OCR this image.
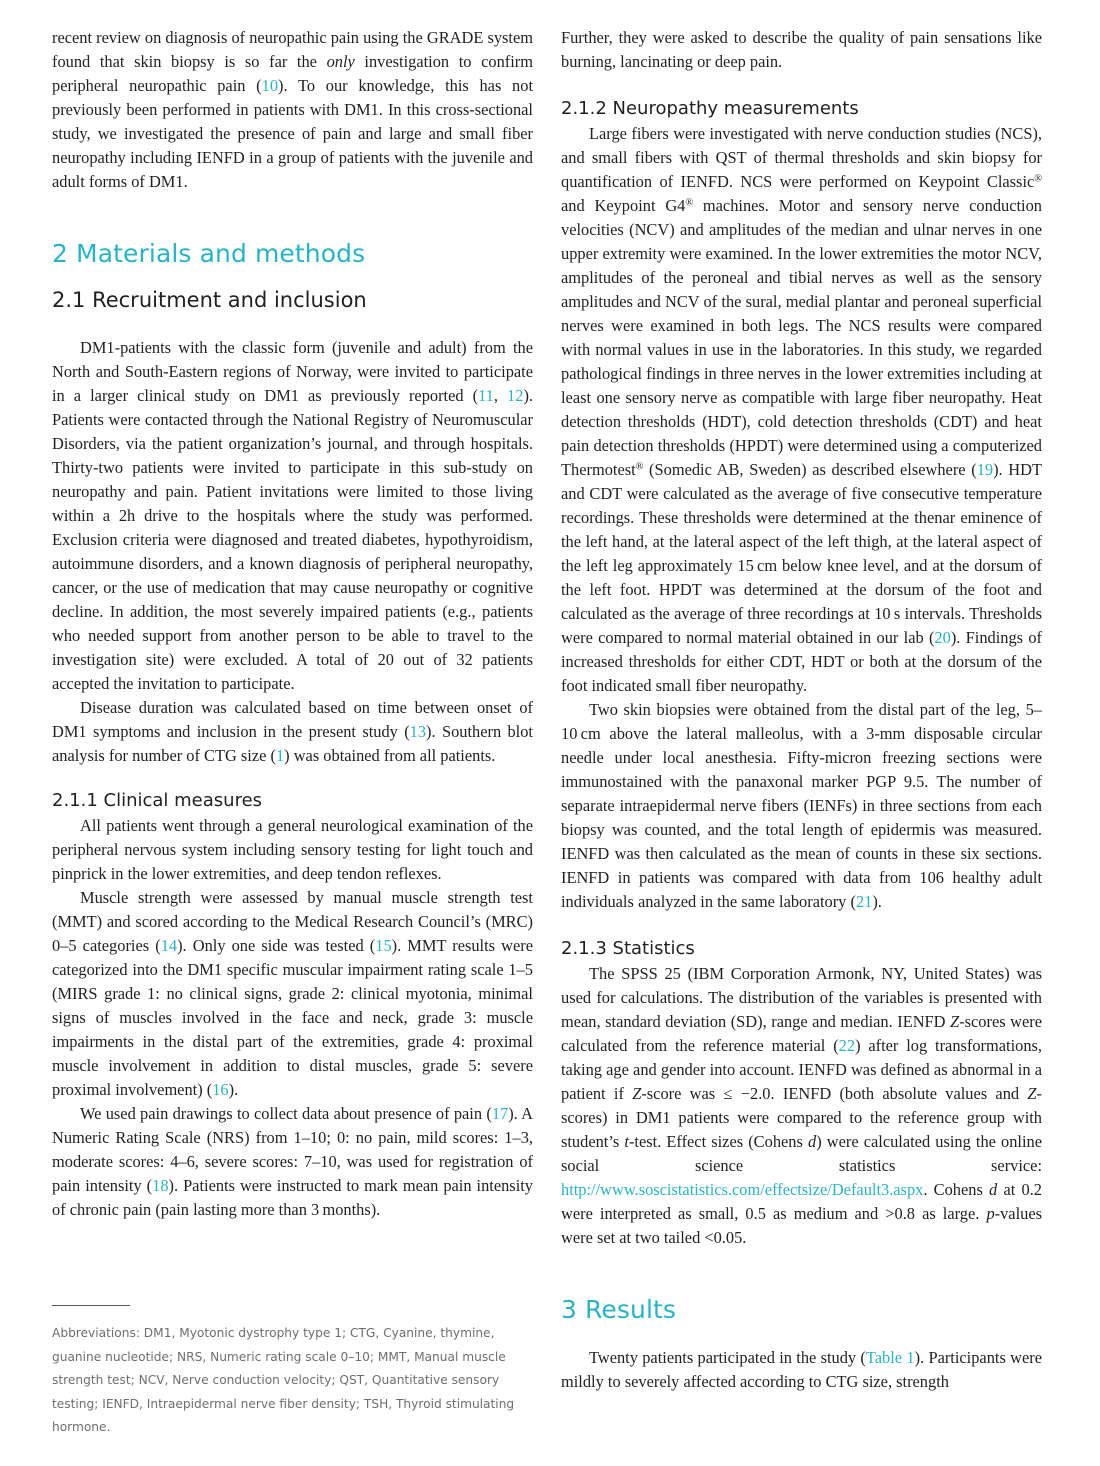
recent review on diagnosis of neuropathic pain using the GRADE system found that skin biopsy is so far the only investigation to confirm peripheral neuropathic pain (10). To our knowledge, this has not previously been performed in patients with DM1. In this cross-sectional study, we investigated the presence of pain and large and small fiber neuropathy including IENFD in a group of patients with the juvenile and adult forms of DM1.

2 Materials and methods
2.1 Recruitment and inclusion

DM1-patients with the classic form (juvenile and adult) from the North and South-Eastern regions of Norway, were invited to participate in a larger clinical study on DM1 as previously reported (11, 12). Patients were contacted through the National Registry of Neuromuscular Disorders, via the patient organization’s journal, and through hospitals. Thirty-two patients were invited to participate in this sub-study on neuropathy and pain. Patient invitations were limited to those living within a 2h drive to the hospitals where the study was performed. Exclusion criteria were diagnosed and treated diabetes, hypothyroidism, autoimmune disorders, and a known diagnosis of peripheral neuropathy, cancer, or the use of medication that may cause neuropathy or cognitive decline. In addition, the most severely impaired patients (e.g., patients who needed support from another person to be able to travel to the investigation site) were excluded. A total of 20 out of 32 patients accepted the invitation to participate.

Disease duration was calculated based on time between onset of DM1 symptoms and inclusion in the present study (13). Southern blot analysis for number of CTG size (1) was obtained from all patients.

2.1.1 Clinical measures

All patients went through a general neurological examination of the peripheral nervous system including sensory testing for light touch and pinprick in the lower extremities, and deep tendon reflexes.

Muscle strength were assessed by manual muscle strength test (MMT) and scored according to the Medical Research Council’s (MRC) 0–5 categories (14). Only one side was tested (15). MMT results were categorized into the DM1 specific muscular impairment rating scale 1–5 (MIRS grade 1: no clinical signs, grade 2: clinical myotonia, minimal signs of muscles involved in the face and neck, grade 3: muscle impairments in the distal part of the extremities, grade 4: proximal muscle involvement in addition to distal muscles, grade 5: severe proximal involvement) (16).

We used pain drawings to collect data about presence of pain (17). A Numeric Rating Scale (NRS) from 1–10; 0: no pain, mild scores: 1–3, moderate scores: 4–6, severe scores: 7–10, was used for registration of pain intensity (18). Patients were instructed to mark mean pain intensity of chronic pain (pain lasting more than 3 months).

Abbreviations: DM1, Myotonic dystrophy type 1; CTG, Cyanine, thymine, guanine nucleotide; NRS, Numeric rating scale 0–10; MMT, Manual muscle strength test; NCV, Nerve conduction velocity; QST, Quantitative sensory testing; IENFD, Intraepidermal nerve fiber density; TSH, Thyroid stimulating hormone.

Further, they were asked to describe the quality of pain sensations like burning, lancinating or deep pain.

2.1.2 Neuropathy measurements

Large fibers were investigated with nerve conduction studies (NCS), and small fibers with QST of thermal thresholds and skin biopsy for quantification of IENFD. NCS were performed on Keypoint Classic® and Keypoint G4® machines. Motor and sensory nerve conduction velocities (NCV) and amplitudes of the median and ulnar nerves in one upper extremity were examined. In the lower extremities the motor NCV, amplitudes of the peroneal and tibial nerves as well as the sensory amplitudes and NCV of the sural, medial plantar and peroneal superficial nerves were examined in both legs. The NCS results were compared with normal values in use in the laboratories. In this study, we regarded pathological findings in three nerves in the lower extremities including at least one sensory nerve as compatible with large fiber neuropathy. Heat detection thresholds (HDT), cold detection thresholds (CDT) and heat pain detection thresholds (HPDT) were determined using a computerized Thermotest® (Somedic AB, Sweden) as described elsewhere (19). HDT and CDT were calculated as the average of five consecutive temperature recordings. These thresholds were determined at the thenar eminence of the left hand, at the lateral aspect of the left thigh, at the lateral aspect of the left leg approximately 15 cm below knee level, and at the dorsum of the left foot. HPDT was determined at the dorsum of the foot and calculated as the average of three recordings at 10 s intervals. Thresholds were compared to normal material obtained in our lab (20). Findings of increased thresholds for either CDT, HDT or both at the dorsum of the foot indicated small fiber neuropathy.

Two skin biopsies were obtained from the distal part of the leg, 5–10 cm above the lateral malleolus, with a 3-mm disposable circular needle under local anesthesia. Fifty-micron freezing sections were immunostained with the panaxonal marker PGP 9.5. The number of separate intraepidermal nerve fibers (IENFs) in three sections from each biopsy was counted, and the total length of epidermis was measured. IENFD was then calculated as the mean of counts in these six sections. IENFD in patients was compared with data from 106 healthy adult individuals analyzed in the same laboratory (21).

2.1.3 Statistics

The SPSS 25 (IBM Corporation Armonk, NY, United States) was used for calculations. The distribution of the variables is presented with mean, standard deviation (SD), range and median. IENFD Z-scores were calculated from the reference material (22) after log transformations, taking age and gender into account. IENFD was defined as abnormal in a patient if Z-score was ≤ −2.0. IENFD (both absolute values and Z-scores) in DM1 patients were compared to the reference group with student’s t-test. Effect sizes (Cohens d) were calculated using the online social science statistics service: http://www.soscistatistics.com/effectsize/Default3.aspx. Cohens d at 0.2 were interpreted as small, 0.5 as medium and >0.8 as large. p-values were set at two tailed <0.05.

3 Results

Twenty patients participated in the study (Table 1). Participants were mildly to severely affected according to CTG size, strength
